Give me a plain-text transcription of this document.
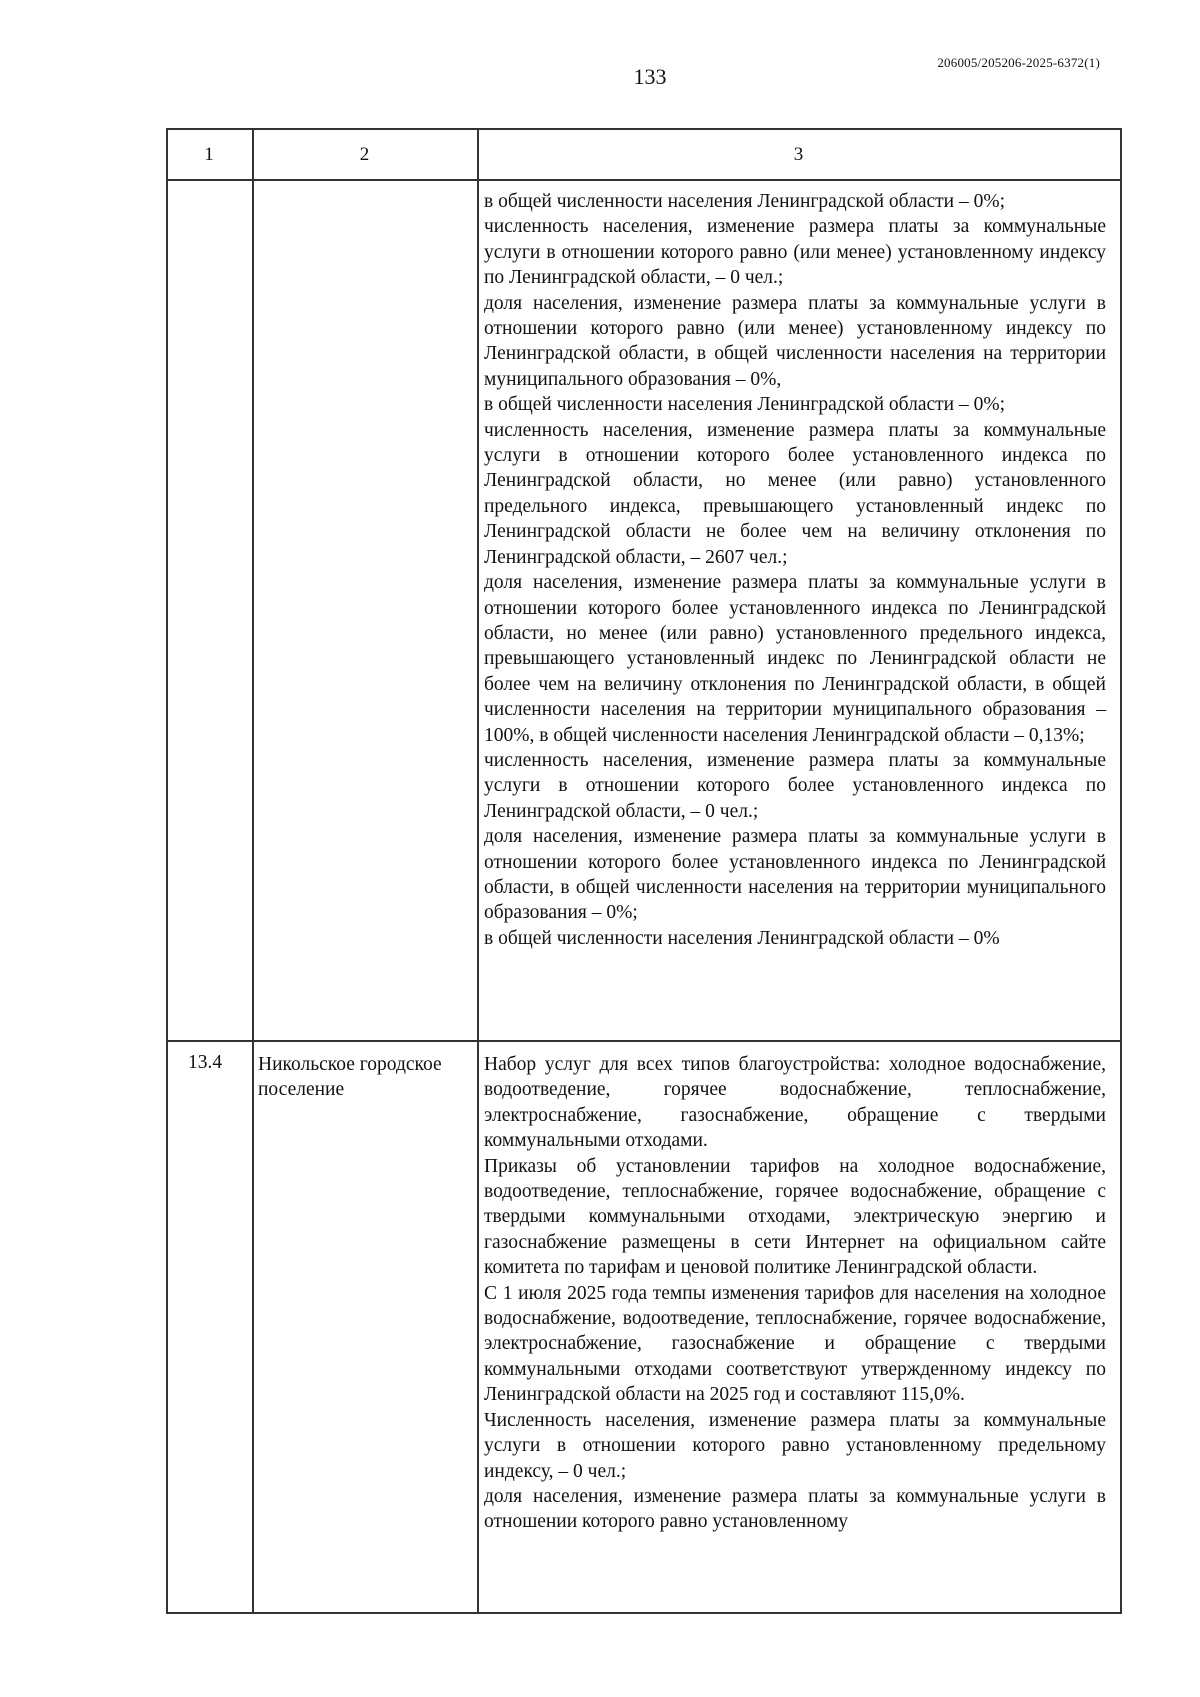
133
206005/205206-2025-6372(1)
1	2	3

в общей численности населения Ленинградской области – 0%;

численность населения, изменение размера платы за коммунальные услуги в отношении которого равно (или менее) установленному индексу по Ленинградской области, – 0 чел.;

доля населения, изменение размера платы за коммунальные услуги в отношении которого равно (или менее) установленному индексу по Ленинградской области, в общей численности населения на территории муниципального образования – 0%,

в общей численности населения Ленинградской области – 0%;

численность населения, изменение размера платы за коммунальные услуги в отношении которого более установленного индекса по Ленинградской области, но менее (или равно) установленного предельного индекса, превышающего установленный индекс по Ленинградской области не более чем на величину отклонения по Ленинградской области, – 2607 чел.;

доля населения, изменение размера платы за коммунальные услуги в отношении которого более установленного индекса по Ленинградской области, но менее (или равно) установленного предельного индекса, превышающего установленный индекс по Ленинградской области не более чем на величину отклонения по Ленинградской области, в общей численности населения на территории муниципального образования – 100%, в общей численности населения Ленинградской области – 0,13%;

численность населения, изменение размера платы за коммунальные услуги в отношении которого более установленного индекса по Ленинградской области, – 0 чел.;

доля населения, изменение размера платы за коммунальные услуги в отношении которого более установленного индекса по Ленинградской области, в общей численности населения на территории муниципального образования – 0%;

в общей численности населения Ленинградской области – 0%

13.4 Никольское городское поселение

Набор услуг для всех типов благоустройства: холодное водоснабжение, водоотведение, горячее водоснабжение, теплоснабжение, электроснабжение, газоснабжение, обращение с твердыми коммунальными отходами.

Приказы об установлении тарифов на холодное водоснабжение, водоотведение, теплоснабжение, горячее водоснабжение, обращение с твердыми коммунальными отходами, электрическую энергию и газоснабжение размещены в сети Интернет на официальном сайте комитета по тарифам и ценовой политике Ленинградской области.

С 1 июля 2025 года темпы изменения тарифов для населения на холодное водоснабжение, водоотведение, теплоснабжение, горячее водоснабжение, электроснабжение, газоснабжение и обращение с твердыми коммунальными отходами соответствуют утвержденному индексу по Ленинградской области на 2025 год и составляют 115,0%.

Численность населения, изменение размера платы за коммунальные услуги в отношении которого равно установленному предельному индексу, – 0 чел.;

доля населения, изменение размера платы за коммунальные услуги в отношении которого равно установленному
